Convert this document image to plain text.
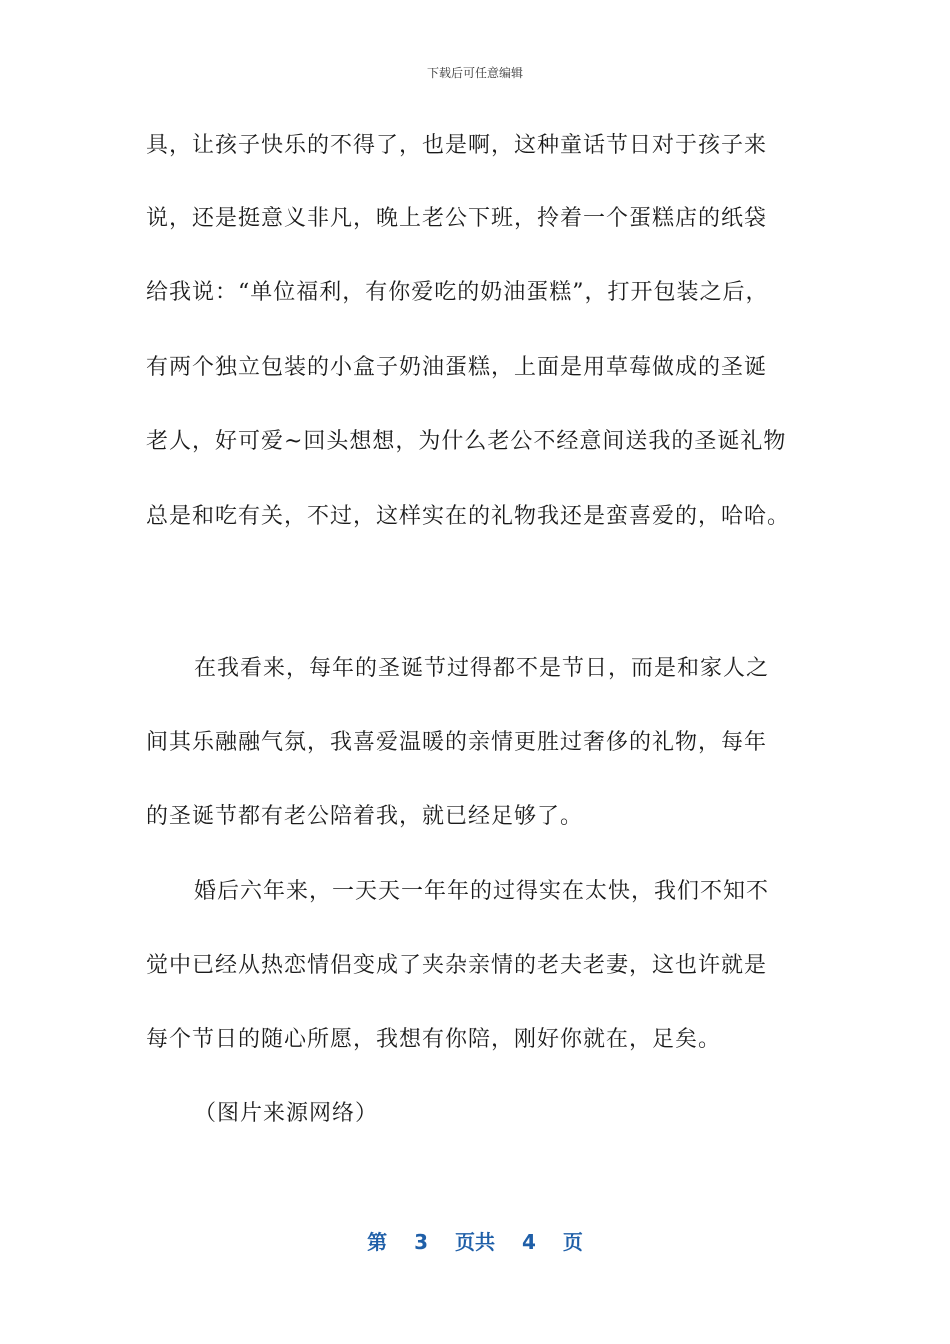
下载后可任意编辑
具，让孩子快乐的不得了，也是啊，这种童话节日对于孩子来
说，还是挺意义非凡，晚上老公下班，拎着一个蛋糕店的纸袋
给我说：“单位福利，有你爱吃的奶油蛋糕”，打开包装之后，
有两个独立包装的小盒子奶油蛋糕，上面是用草莓做成的圣诞
老人，好可爱~回头想想，为什么老公不经意间送我的圣诞礼物
总是和吃有关，不过，这样实在的礼物我还是蛮喜爱的，哈哈。
在我看来，每年的圣诞节过得都不是节日，而是和家人之
间其乐融融气氛，我喜爱温暖的亲情更胜过奢侈的礼物，每年
的圣诞节都有老公陪着我，就已经足够了。
婚后六年来，一天天一年年的过得实在太快，我们不知不
觉中已经从热恋情侣变成了夹杂亲情的老夫老妻，这也许就是
每个节日的随心所愿，我想有你陪，刚好你就在，足矣。
（图片来源网络）
第 3 页共 4 页
